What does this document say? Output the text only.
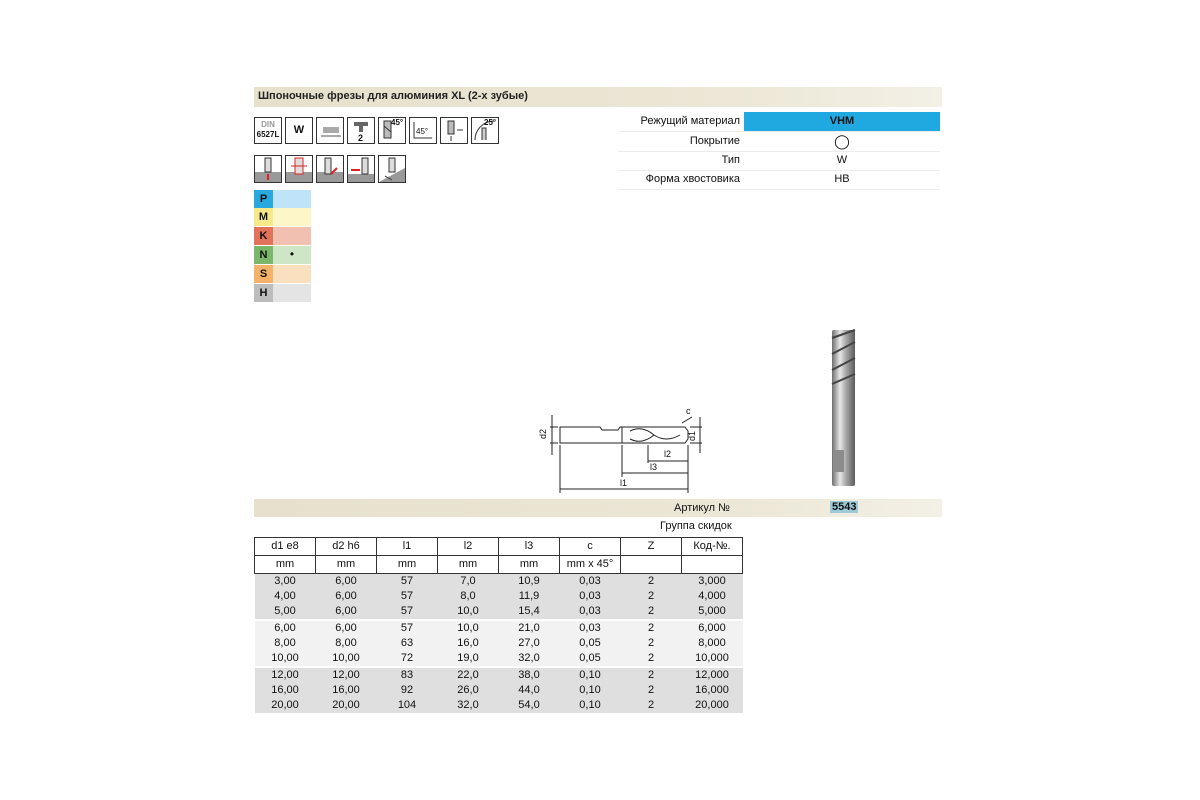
Шпоночные фрезы для алюминия XL (2-х зубые)
DIN
6527L	W
2
45°
45°
25°
P
M
K
N	•
S
H
Режущий материал	VHM
Покрытие	◯
Тип	W
Форма хвостовика	HB
d2	d1
c
l2
l3
l1
Артикул №	5543
Группа скидок
d1 e8	d2 h6	l1	l2	l3	c	Z	Код-№.
mm	mm	mm	mm	mm	mm x 45°		
3,00	6,00	57	7,0	10,9	0,03	2	3,000
4,00	6,00	57	8,0	11,9	0,03	2	4,000
5,00	6,00	57	10,0	15,4	0,03	2	5,000
6,00	6,00	57	10,0	21,0	0,03	2	6,000
8,00	8,00	63	16,0	27,0	0,05	2	8,000
10,00	10,00	72	19,0	32,0	0,05	2	10,000
12,00	12,00	83	22,0	38,0	0,10	2	12,000
16,00	16,00	92	26,0	44,0	0,10	2	16,000
20,00	20,00	104	32,0	54,0	0,10	2	20,000
